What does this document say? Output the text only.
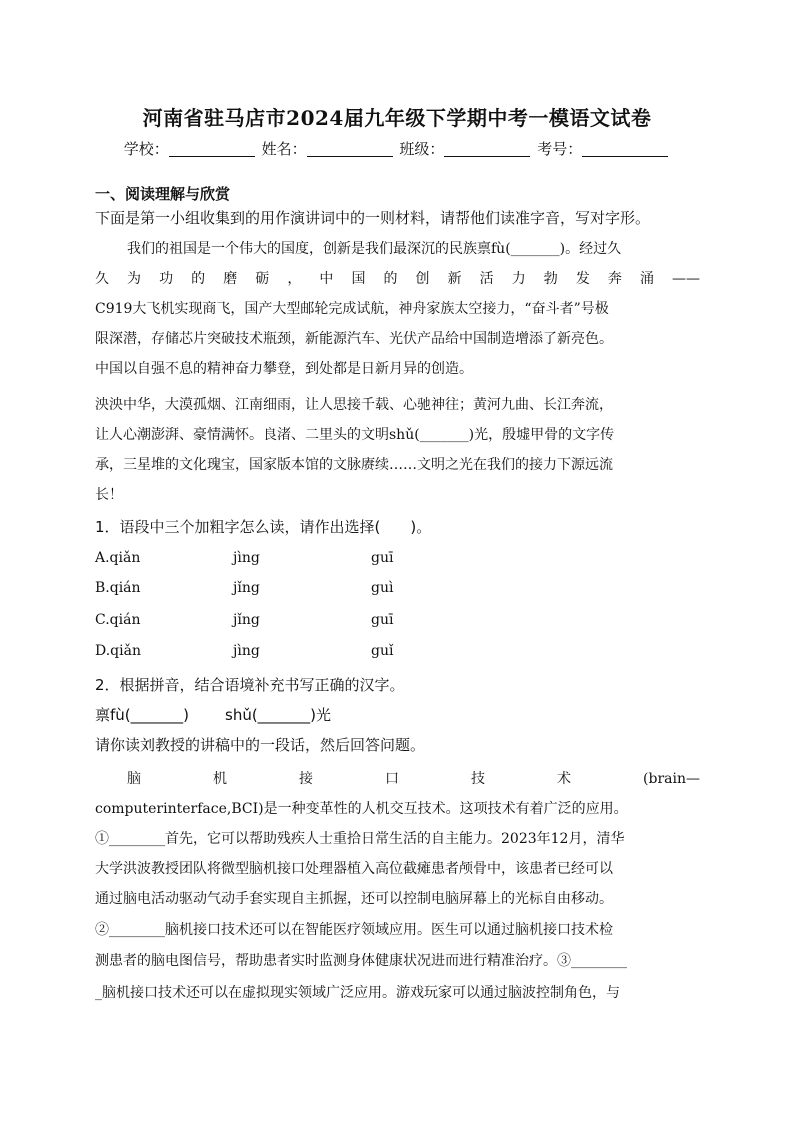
河南省驻马店市2024届九年级下学期中考一模语文试卷
学校：	姓名：	班级：	考号：
一、阅读理解与欣赏
下面是第一小组收集到的用作演讲词中的一则材料，请帮他们读准字音，写对字形。
我们的祖国是一个伟大的国度，创新是我们最深沉的民族禀fù(_______)。经过久
久为功的磨砺，中国的创新活力勃发奔涌——
C919大飞机实现商飞，国产大型邮轮完成试航，神舟家族太空接力，“奋斗者”号极
限深潜，存储芯片突破技术瓶颈，新能源汽车、光伏产品给中国制造增添了新亮色。
中国以自强不息的精神奋力攀登，到处都是日新月异的创造。
泱泱中华，大漠孤烟、江南细雨，让人思接千载、心驰神往；黄河九曲、长江奔流，
让人心潮澎湃、豪情满怀。良渚、二里头的文明shǔ(_______)光，殷墟甲骨的文字传
承，三星堆的文化瑰宝，国家版本馆的文脉赓续……文明之光在我们的接力下源远流
长！
1．语段中三个加粗字怎么读，请作出选择(　　)。
A.qiǎn	jìng	guī
B.qián	jǐng	guì
C.qián	jǐng	guī
D.qiǎn	jìng	guǐ
2．根据拼音，结合语境补充书写正确的汉字。
禀fù(_______) shǔ(_______)光
请你读刘教授的讲稿中的一段话，然后回答问题。
脑机接口技术(brain—
computerinterface,BCI)是一种变革性的人机交互技术。这项技术有着广泛的应用。
①________首先，它可以帮助残疾人士重拾日常生活的自主能力。2023年12月，清华
大学洪波教授团队将微型脑机接口处理器植入高位截瘫患者颅骨中，该患者已经可以
通过脑电活动驱动气动手套实现自主抓握，还可以控制电脑屏幕上的光标自由移动。
②________脑机接口技术还可以在智能医疗领域应用。医生可以通过脑机接口技术检
测患者的脑电图信号，帮助患者实时监测身体健康状况进而进行精准治疗。③________
_脑机接口技术还可以在虚拟现实领域广泛应用。游戏玩家可以通过脑波控制角色，与
